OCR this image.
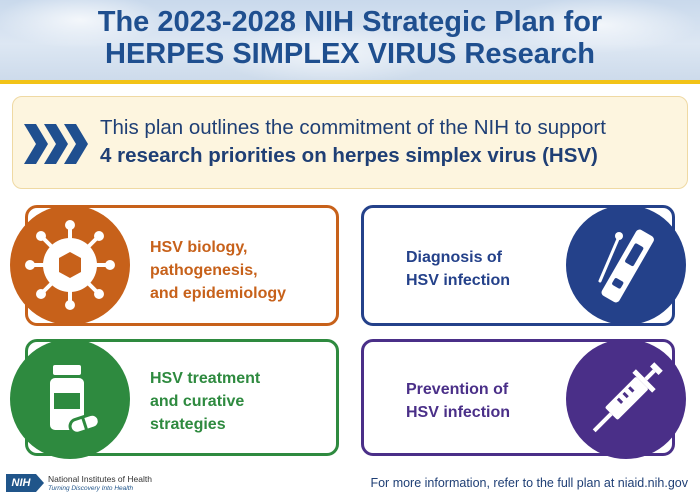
The 2023-2028 NIH Strategic Plan for
HERPES SIMPLEX VIRUS Research
This plan outlines the commitment of the NIH to support
4 research priorities on herpes simplex virus (HSV)
HSV biology,
pathogenesis,
and epidemiology
Diagnosis of
HSV infection
HSV treatment
and curative
strategies
Prevention of
HSV infection
NIH	National Institutes of Health
Turning Discovery Into Health	For more information, refer to the full plan at niaid.nih.gov
